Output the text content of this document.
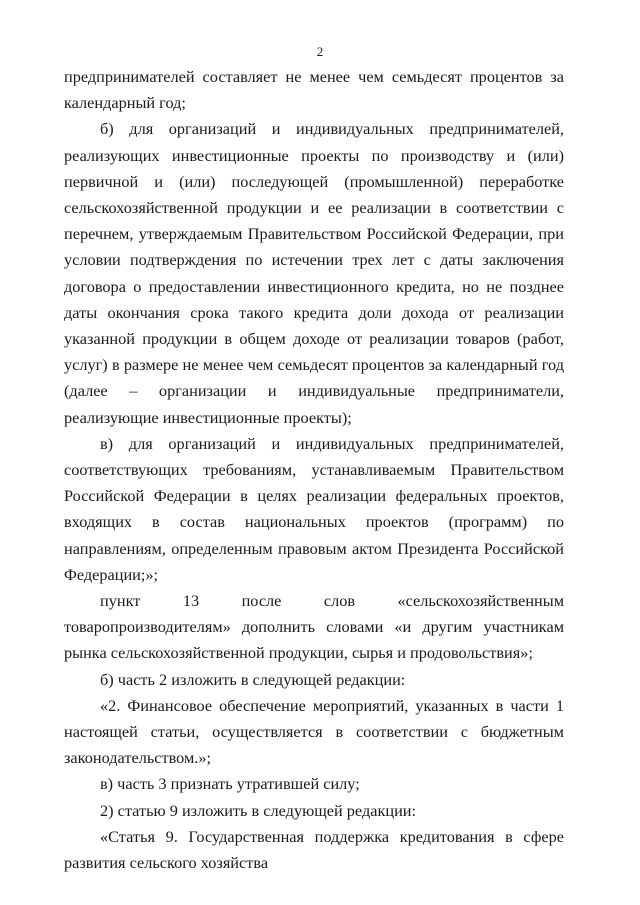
2

предпринимателей составляет не менее чем семьдесят процентов за календарный год;

б) для организаций и индивидуальных предпринимателей, реализующих инвестиционные проекты по производству и (или) первичной и (или) последующей (промышленной) переработке сельскохозяйственной продукции и ее реализации в соответствии с перечнем, утверждаемым Правительством Российской Федерации, при условии подтверждения по истечении трех лет с даты заключения договора о предоставлении инвестиционного кредита, но не позднее даты окончания срока такого кредита доли дохода от реализации указанной продукции в общем доходе от реализации товаров (работ, услуг) в размере не менее чем семьдесят процентов за календарный год (далее – организации и индивидуальные предприниматели, реализующие инвестиционные проекты);

в) для организаций и индивидуальных предпринимателей, соответствующих требованиям, устанавливаемым Правительством Российской Федерации в целях реализации федеральных проектов, входящих в состав национальных проектов (программ) по направлениям, определенным правовым актом Президента Российской Федерации;»;

пункт 13 после слов «сельскохозяйственным товаропроизводителям» дополнить словами «и другим участникам рынка сельскохозяйственной продукции, сырья и продовольствия»;

б) часть 2 изложить в следующей редакции:

«2. Финансовое обеспечение мероприятий, указанных в части 1 настоящей статьи, осуществляется в соответствии с бюджетным законодательством.»;

в) часть 3 признать утратившей силу;

2) статью 9 изложить в следующей редакции:

«Статья 9. Государственная поддержка кредитования в сфере развития сельского хозяйства
